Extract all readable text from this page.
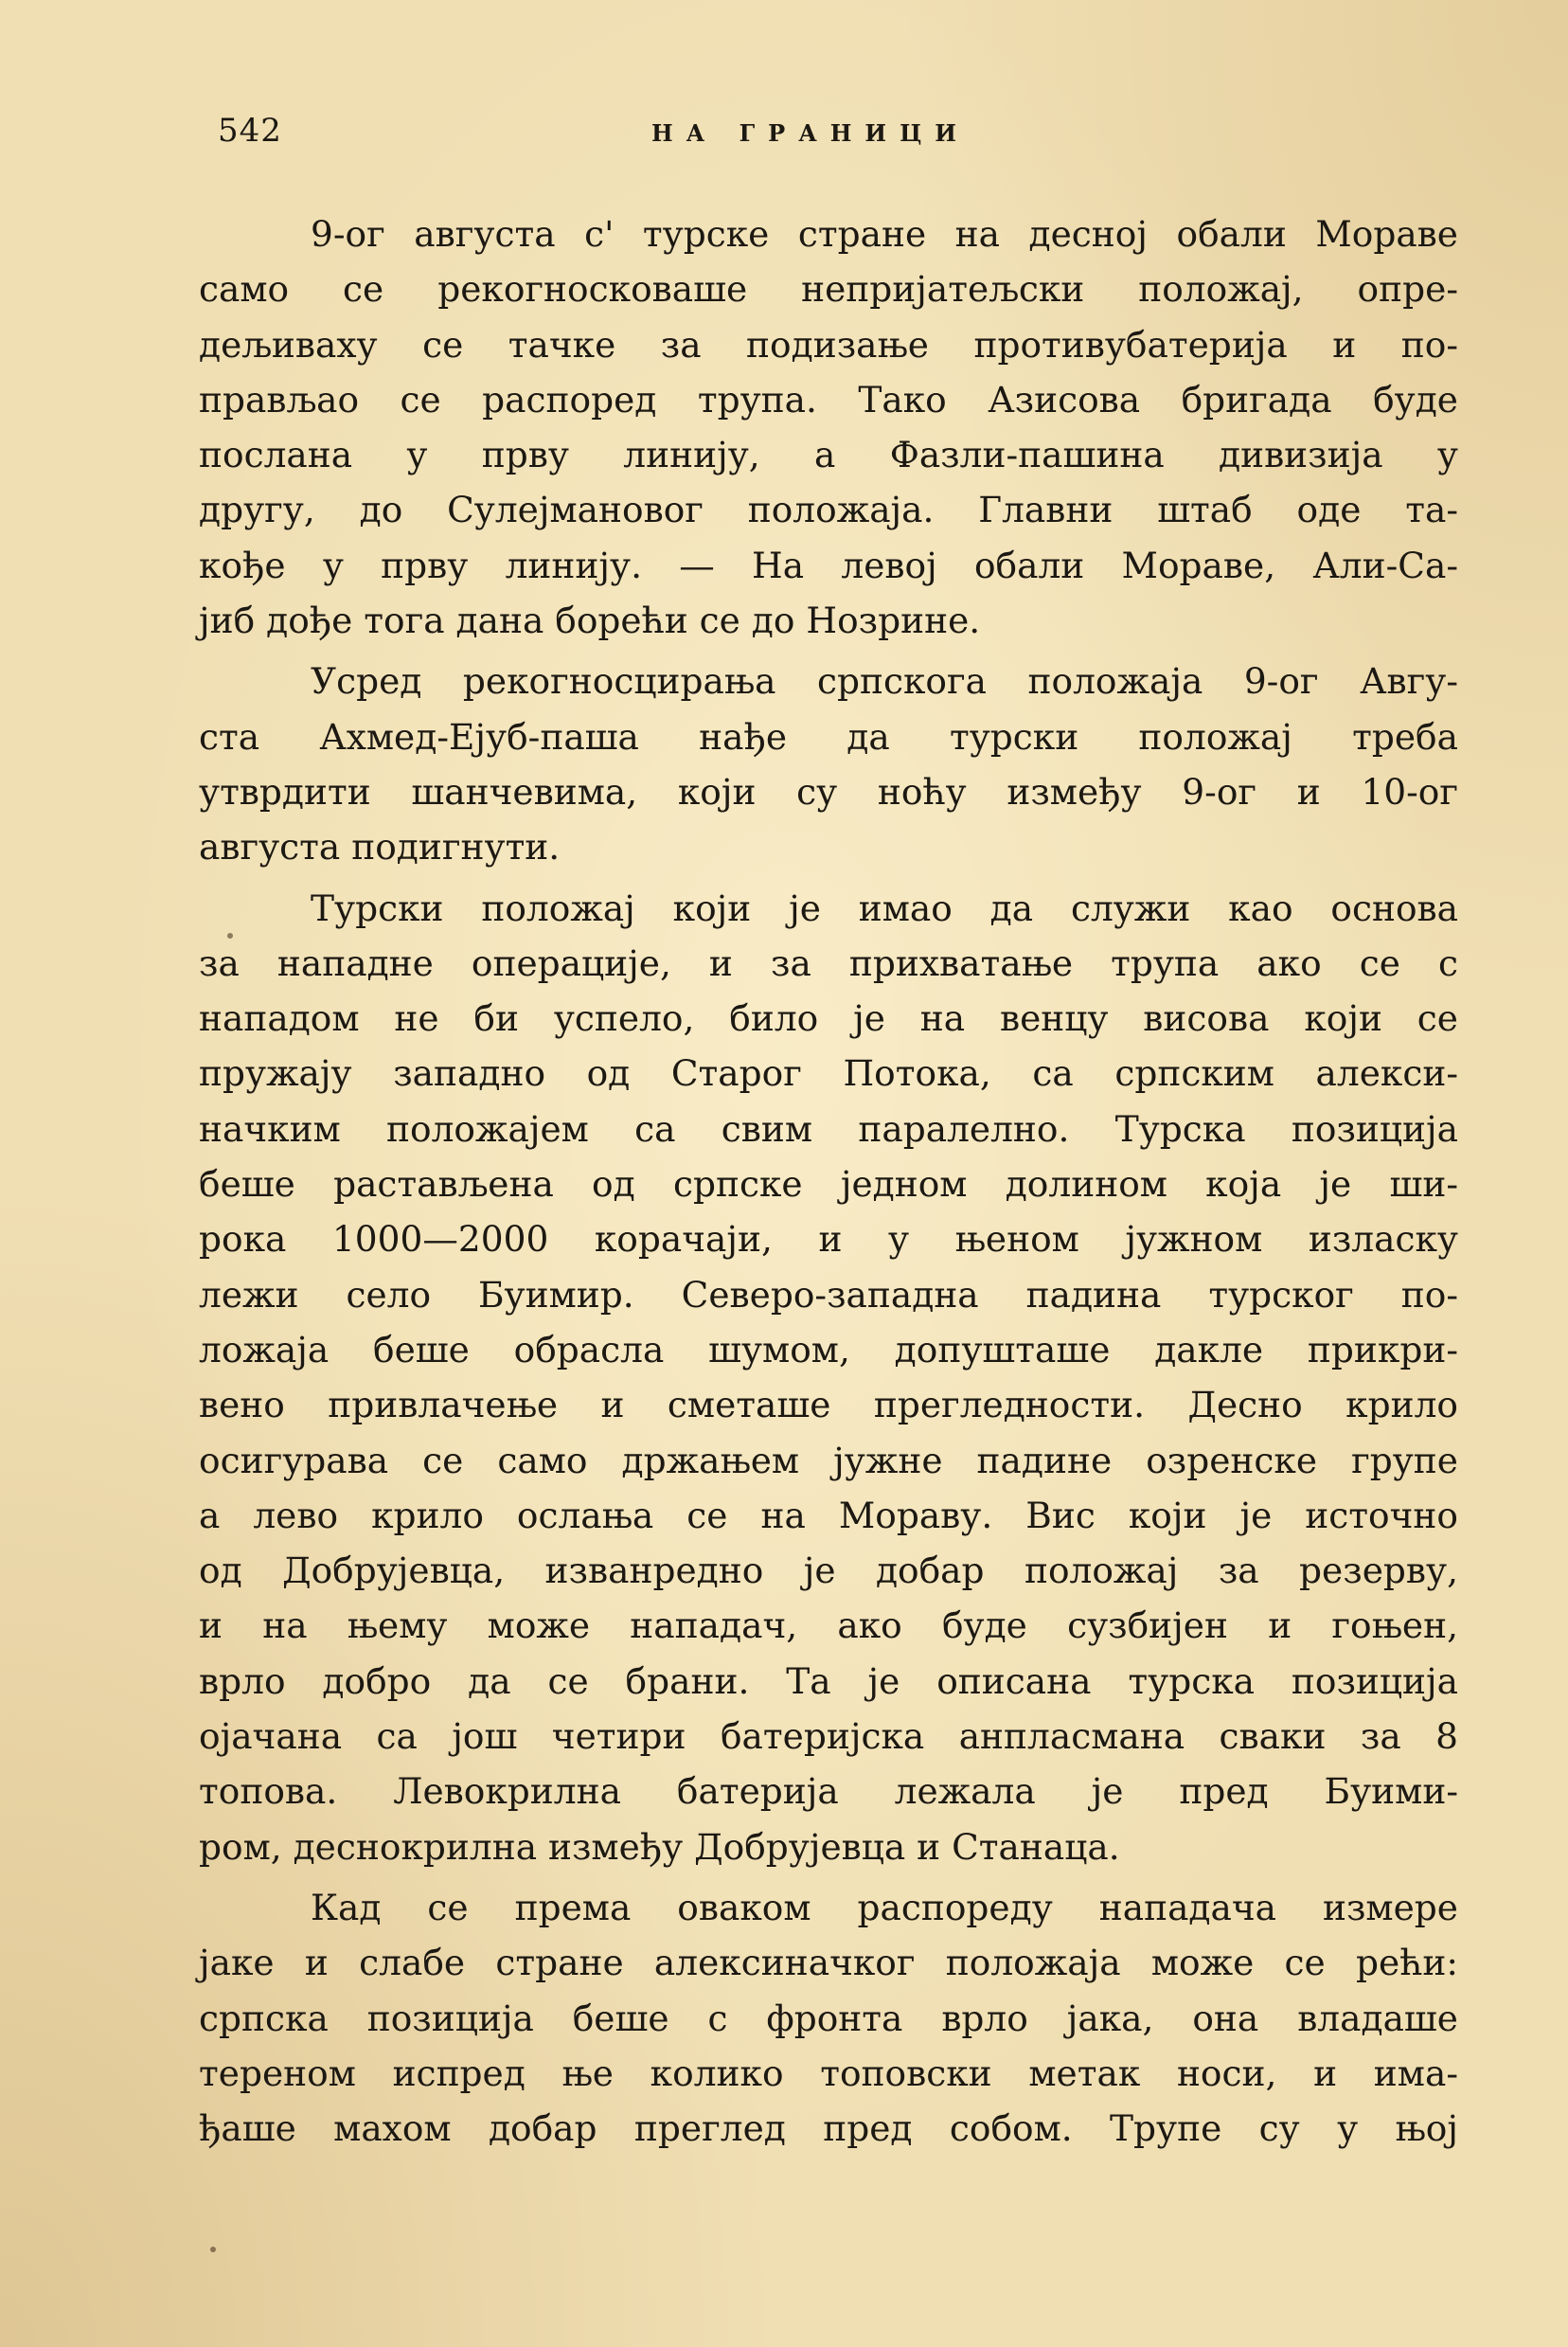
542	НА ГРАНИЦИ
9-ог августа с' турске стране на десној обали Мораве
само се рекогносковаше непријатељски положај, опре-
дељиваху се тачке за подизање противубатерија и по-
прављао се распоред трупа. Тако Азисова бригада буде
послана у прву линију, а Фазли-пашина дивизија у
другу, до Сулејмановог положаја. Главни штаб оде та-
кође у прву линију. — На левој обали Мораве, Али-Са-
јиб дође тога дана борећи се до Нозрине.
Усред рекогносцирања српскога положаја 9-ог Авгу-
ста Ахмед-Ејуб-паша нађе да турски положај треба
утврдити шанчевима, који су ноћу између 9-ог и 10-ог
августа подигнути.
Турски положај који је имао да служи као основа
за нападне операције, и за прихватање трупа ако се с
нападом не би успело, било је на венцу висова који се
пружају западно од Старог Потока, са српским алекси-
начким положајем са свим паралелно. Турска позиција
беше растављена од српске једном долином која је ши-
рока 1000—2000 корачаји, и у њеном јужном изласку
лежи село Буимир. Северо-западна падина турског по-
ложаја беше обрасла шумом, допушташе дакле прикри-
вено привлачење и сметаше прегледности. Десно крило
осигурава се само држањем јужне падине озренске групе
а лево крило ослања се на Мораву. Вис који је источно
од Добрујевца, изванредно је добар положај за резерву,
и на њему може нападач, ако буде сузбијен и гоњен,
врло добро да се брани. Та је описана турска позиција
ојачана са још четири батеријска анпласмана сваки за 8
топова. Левокрилна батерија лежала је пред Буими-
ром, деснокрилна између Добрујевца и Станаца.
Кад се према оваком распореду нападача измере
јаке и слабе стране алексиначког положаја може се рећи:
српска позиција беше с фронта врло јака, она владаше
тереном испред ње колико топовски метак носи, и има-
ђаше махом добар преглед пред собом. Трупе су у њој
